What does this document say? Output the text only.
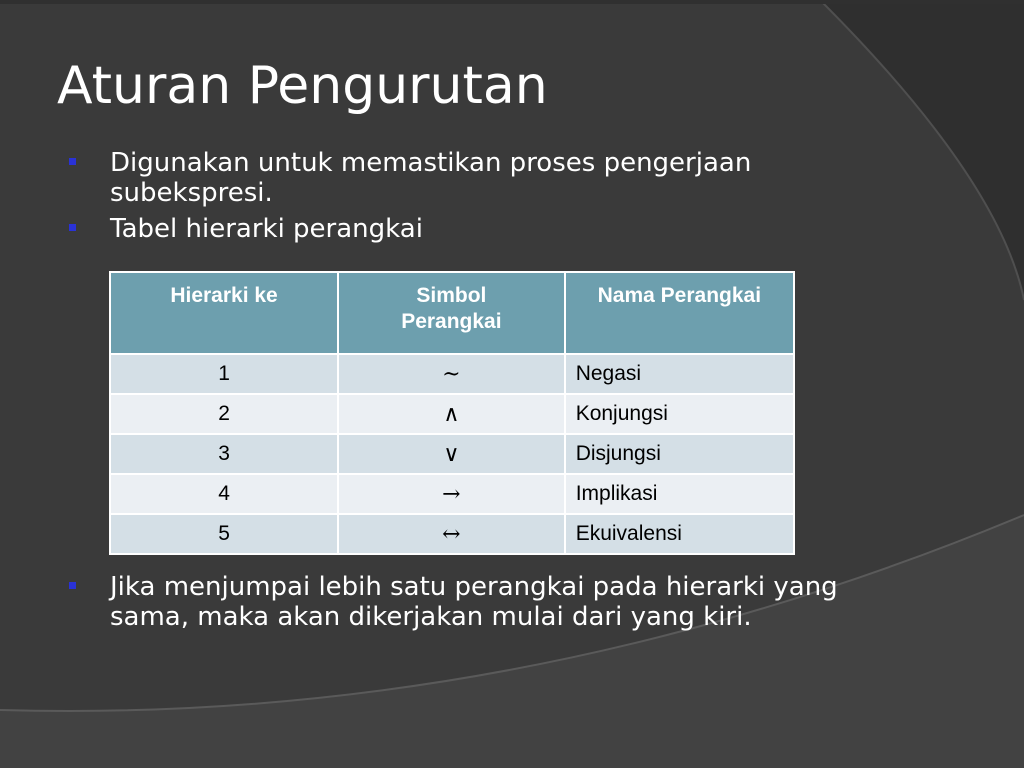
Aturan Pengurutan
Digunakan untuk memastikan proses pengerjaan subekspresi.
Tabel hierarki perangkai
Hierarki ke	Simbol Perangkai	Nama Perangkai
1	~	Negasi
2	∧	Konjungsi
3	∨	Disjungsi
4	→	Implikasi
5	↔	Ekuivalensi
Jika menjumpai lebih satu perangkai pada hierarki yang sama, maka akan dikerjakan mulai dari yang kiri.
